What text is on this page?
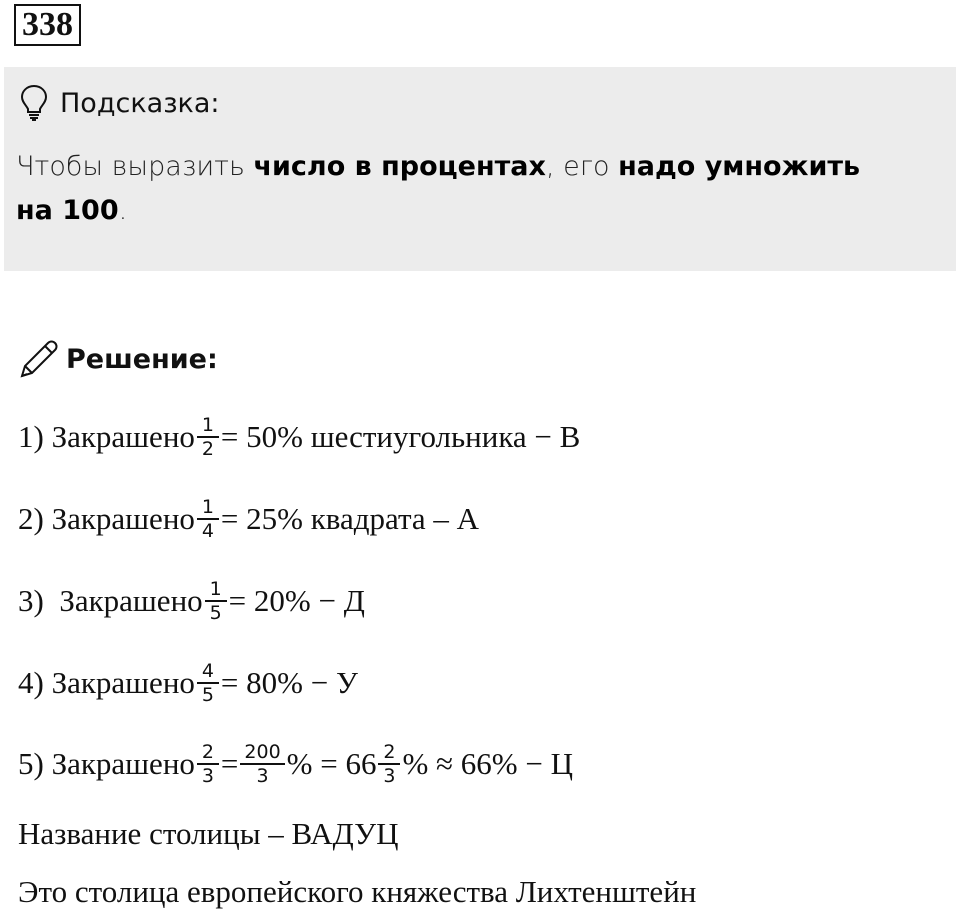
338
Подсказка:
Чтобы выразить число в процентах, его надо умножить на 100.
Решение:
1) Закрашено $\frac{1}{2} = 50\%$ шестиугольника − В
2) Закрашено $\frac{1}{4} = 25\%$ квадрата – А
3)  Закрашено $\frac{1}{5} = 20\% - Д$
4) Закрашено $\frac{4}{5} = 80\% - У$
5) Закрашено $\frac{2}{3} = \frac{200}{3}$ % = $66 \frac{2}{3}$ % ≈ 66% − Ц
Название столицы – ВАДУЦ
Это столица европейского княжества Лихтенштейн
